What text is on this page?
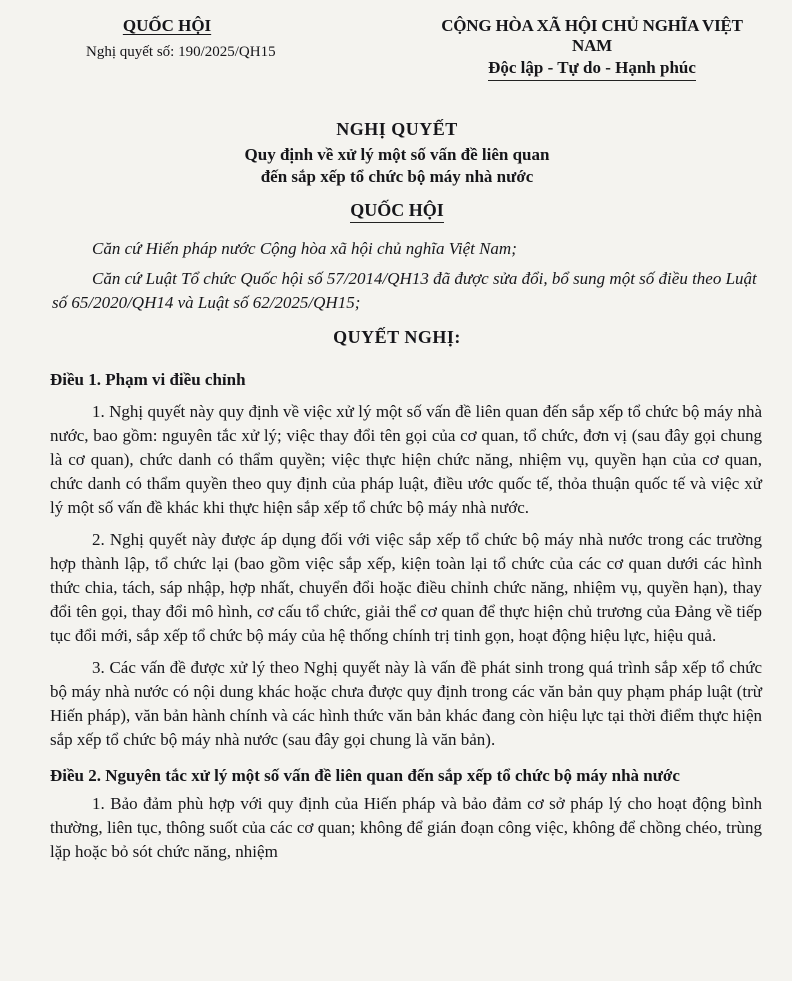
QUỐC HỘI
Nghị quyết số: 190/2025/QH15
CỘNG HÒA XÃ HỘI CHỦ NGHĨA VIỆT NAM
Độc lập - Tự do - Hạnh phúc
NGHỊ QUYẾT
Quy định về xử lý một số vấn đề liên quan
đến sắp xếp tổ chức bộ máy nhà nước
QUỐC HỘI

Căn cứ Hiến pháp nước Cộng hòa xã hội chủ nghĩa Việt Nam;

Căn cứ Luật Tổ chức Quốc hội số 57/2014/QH13 đã được sửa đổi, bổ sung một số điều theo Luật số 65/2020/QH14 và Luật số 62/2025/QH15;

QUYẾT NGHỊ:
Điều 1. Phạm vi điều chỉnh
1. Nghị quyết này quy định về việc xử lý một số vấn đề liên quan đến sắp xếp tổ chức bộ máy nhà nước, bao gồm: nguyên tắc xử lý; việc thay đổi tên gọi của cơ quan, tổ chức, đơn vị (sau đây gọi chung là cơ quan), chức danh có thẩm quyền; việc thực hiện chức năng, nhiệm vụ, quyền hạn của cơ quan, chức danh có thẩm quyền theo quy định của pháp luật, điều ước quốc tế, thỏa thuận quốc tế và việc xử lý một số vấn đề khác khi thực hiện sắp xếp tổ chức bộ máy nhà nước.
2. Nghị quyết này được áp dụng đối với việc sắp xếp tổ chức bộ máy nhà nước trong các trường hợp thành lập, tổ chức lại (bao gồm việc sắp xếp, kiện toàn lại tổ chức của các cơ quan dưới các hình thức chia, tách, sáp nhập, hợp nhất, chuyển đổi hoặc điều chỉnh chức năng, nhiệm vụ, quyền hạn), thay đổi tên gọi, thay đổi mô hình, cơ cấu tổ chức, giải thể cơ quan để thực hiện chủ trương của Đảng về tiếp tục đổi mới, sắp xếp tổ chức bộ máy của hệ thống chính trị tinh gọn, hoạt động hiệu lực, hiệu quả.
3. Các vấn đề được xử lý theo Nghị quyết này là vấn đề phát sinh trong quá trình sắp xếp tổ chức bộ máy nhà nước có nội dung khác hoặc chưa được quy định trong các văn bản quy phạm pháp luật (trừ Hiến pháp), văn bản hành chính và các hình thức văn bản khác đang còn hiệu lực tại thời điểm thực hiện sắp xếp tổ chức bộ máy nhà nước (sau đây gọi chung là văn bản).
Điều 2. Nguyên tắc xử lý một số vấn đề liên quan đến sắp xếp tổ chức bộ máy nhà nước
1. Bảo đảm phù hợp với quy định của Hiến pháp và bảo đảm cơ sở pháp lý cho hoạt động bình thường, liên tục, thông suốt của các cơ quan; không để gián đoạn công việc, không để chồng chéo, trùng lặp hoặc bỏ sót chức năng, nhiệm
